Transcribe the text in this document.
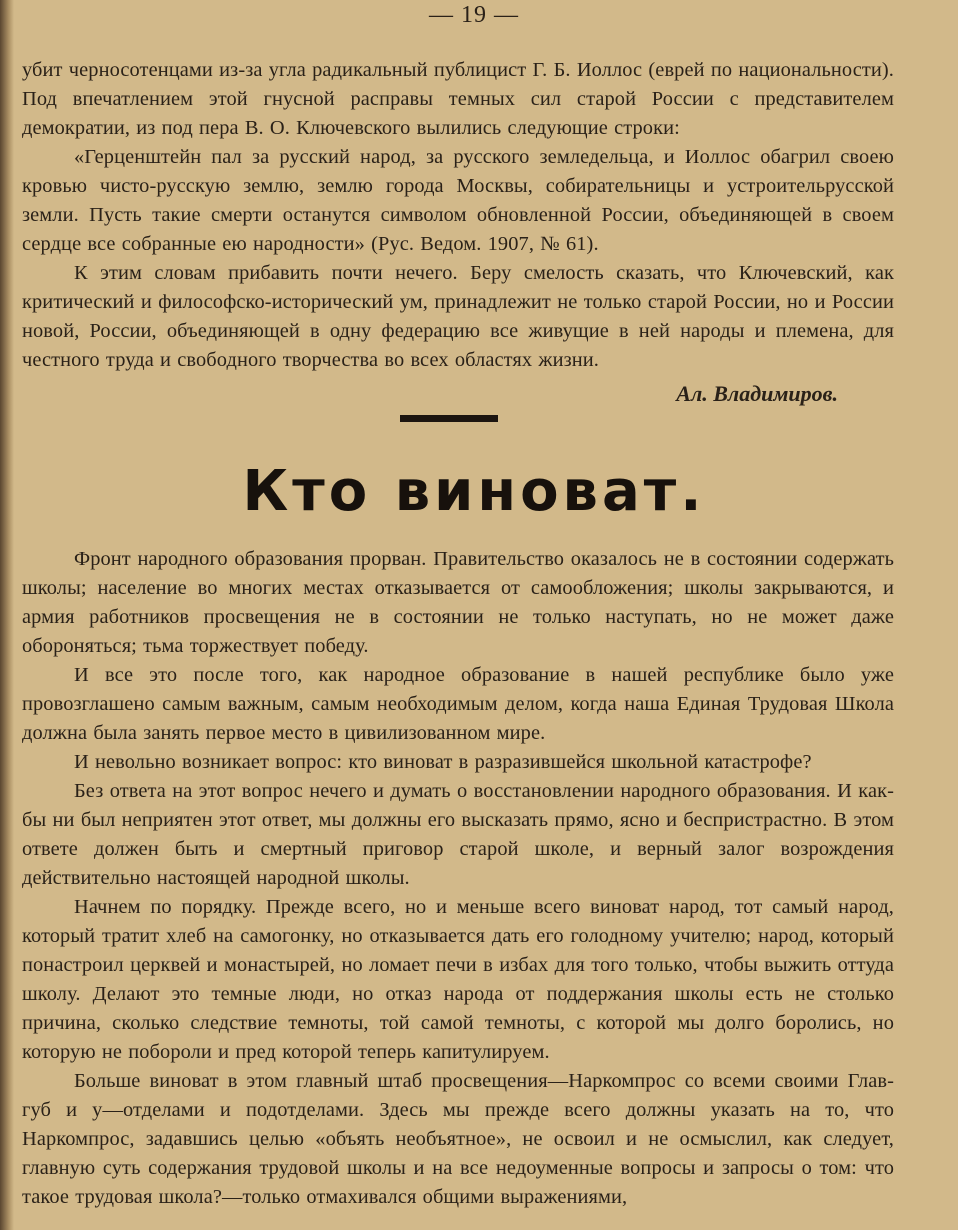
— 19 —

убит черносотенцами из-за угла радикальный публицист Г. Б. Иоллос (еврей по национальности). Под впечатлением этой гнусной расправы темных сил старой России с представителем демократии, из под пера В. О. Ключевского вылились следующие строки:

«Герценштейн пал за русский народ, за русского земледельца, и Иоллос обагрил своею кровью чисто-русскую землю, землю города Москвы, собирательницы и устроительрусской земли. Пусть такие смерти останутся символом обновленной России, объединяющей в своем сердце все собранные ею народности» (Рус. Ведом. 1907, № 61).

К этим словам прибавить почти нечего. Беру смелость сказать, что Ключевский, как критический и философско-исторический ум, принадлежит не только старой России, но и России новой, России, объединяющей в одну федерацию все живущие в ней народы и племена, для честного труда и свободного творчества во всех областях жизни.

Ал. Владимиров.
Кто виноват.

Фронт народного образования прорван. Правительство оказалось не в состоянии содержать школы; население во многих местах отказывается от самообложения; школы закрываются, и армия работников просвещения не в состоянии не только наступать, но не может даже обороняться; тьма торжествует победу.

И все это после того, как народное образование в нашей республике было уже провозглашено самым важным, самым необходимым делом, когда наша Единая Трудовая Школа должна была занять первое место в цивилизованном мире.

И невольно возникает вопрос: кто виноват в разразившейся школьной катастрофе?

Без ответа на этот вопрос нечего и думать о восстановлении народного образования. И как-бы ни был неприятен этот ответ, мы должны его высказать прямо, ясно и беспристрастно. В этом ответе должен быть и смертный приговор старой школе, и верный залог возрождения действительно настоящей народной школы.

Начнем по порядку. Прежде всего, но и меньше всего виноват народ, тот самый народ, который тратит хлеб на самогонку, но отказывается дать его голодному учителю; народ, который понастроил церквей и монастырей, но ломает печи в избах для того только, чтобы выжить оттуда школу. Делают это темные люди, но отказ народа от поддержания школы есть не столько причина, сколько следствие темноты, той самой темноты, с которой мы долго боролись, но которую не побороли и пред которой теперь капитулируем.

Больше виноват в этом главный штаб просвещения—Наркомпрос со всеми своими Глав-губ и у—отделами и подотделами. Здесь мы прежде всего должны указать на то, что Наркомпрос, задавшись целью «объять необъятное», не освоил и не осмыслил, как следует, главную суть содержания трудовой школы и на все недоуменные вопросы и запросы о том: что такое трудовая школа?—только отмахивался общими выражениями,
